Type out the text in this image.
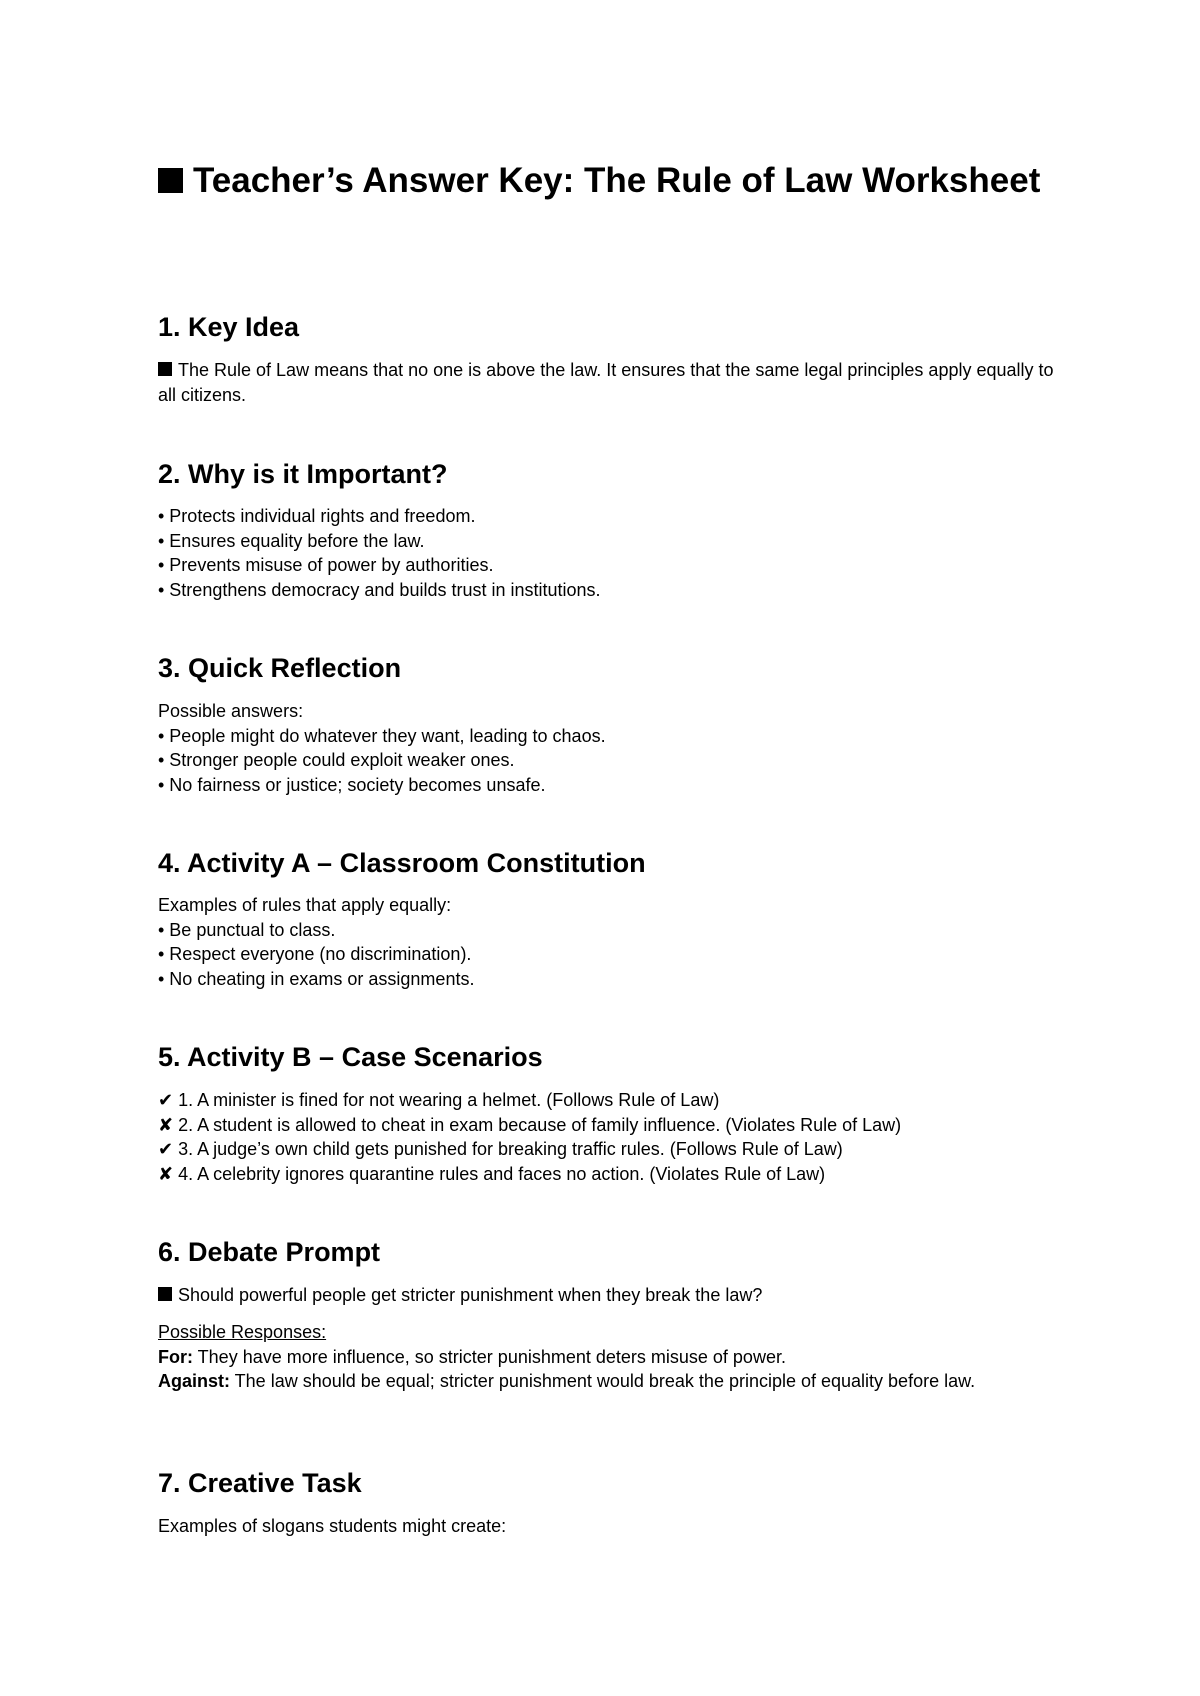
Teacher’s Answer Key: The Rule of Law Worksheet
1. Key Idea
The Rule of Law means that no one is above the law. It ensures that the same legal principles apply equally to all citizens.
2. Why is it Important?
• Protects individual rights and freedom.
• Ensures equality before the law.
• Prevents misuse of power by authorities.
• Strengthens democracy and builds trust in institutions.
3. Quick Reflection
Possible answers:
• People might do whatever they want, leading to chaos.
• Stronger people could exploit weaker ones.
• No fairness or justice; society becomes unsafe.
4. Activity A – Classroom Constitution
Examples of rules that apply equally:
• Be punctual to class.
• Respect everyone (no discrimination).
• No cheating in exams or assignments.
5. Activity B – Case Scenarios
✔ 1. A minister is fined for not wearing a helmet. (Follows Rule of Law)
✘ 2. A student is allowed to cheat in exam because of family influence. (Violates Rule of Law)
✔ 3. A judge’s own child gets punished for breaking traffic rules. (Follows Rule of Law)
✘ 4. A celebrity ignores quarantine rules and faces no action. (Violates Rule of Law)
6. Debate Prompt
Should powerful people get stricter punishment when they break the law?
Possible Responses:
For: They have more influence, so stricter punishment deters misuse of power.
Against: The law should be equal; stricter punishment would break the principle of equality before law.
7. Creative Task
Examples of slogans students might create:
